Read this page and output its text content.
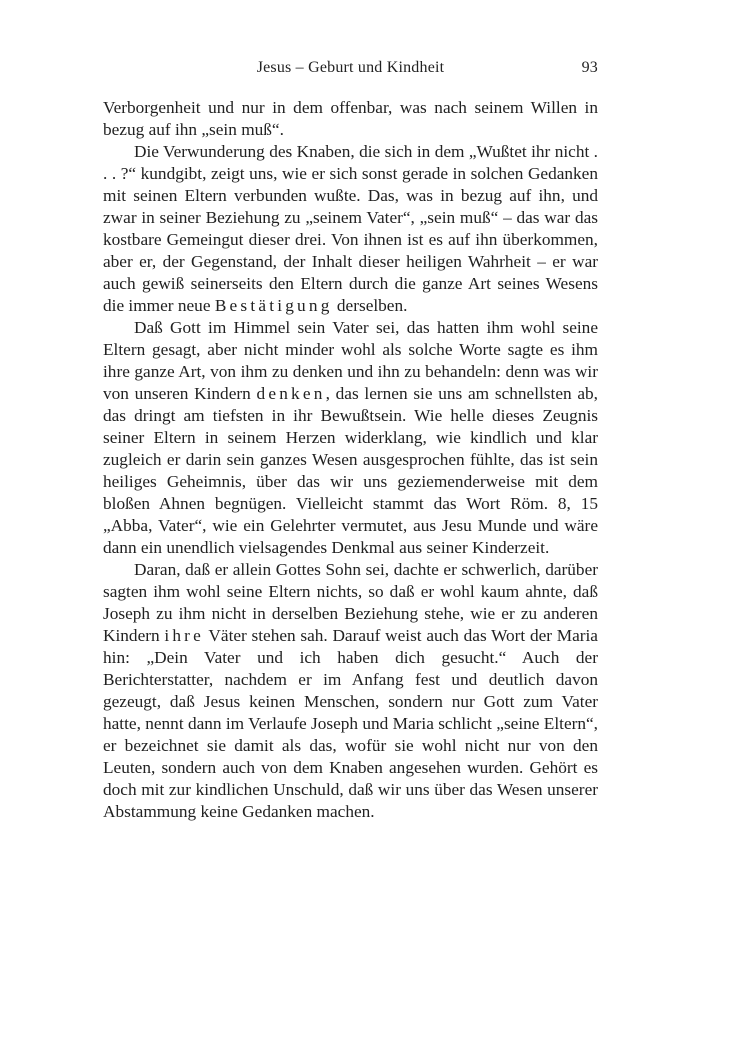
Jesus – Geburt und Kindheit	93

Verborgenheit und nur in dem offenbar, was nach seinem Willen in bezug auf ihn „sein muß“.

Die Verwunderung des Knaben, die sich in dem „Wußtet ihr nicht . . . ?“ kundgibt, zeigt uns, wie er sich sonst gerade in solchen Gedanken mit seinen Eltern verbunden wußte. Das, was in bezug auf ihn, und zwar in seiner Beziehung zu „seinem Vater“, „sein muß“ – das war das kostbare Gemeingut dieser drei. Von ihnen ist es auf ihn überkommen, aber er, der Gegenstand, der Inhalt dieser heiligen Wahrheit – er war auch gewiß seinerseits den Eltern durch die ganze Art seines Wesens die immer neue Bestätigung derselben.

Daß Gott im Himmel sein Vater sei, das hatten ihm wohl seine Eltern gesagt, aber nicht minder wohl als solche Worte sagte es ihm ihre ganze Art, von ihm zu denken und ihn zu behandeln: denn was wir von unseren Kindern denken, das lernen sie uns am schnellsten ab, das dringt am tiefsten in ihr Bewußtsein. Wie helle dieses Zeugnis seiner Eltern in seinem Herzen widerklang, wie kindlich und klar zugleich er darin sein ganzes Wesen ausgesprochen fühlte, das ist sein heiliges Geheimnis, über das wir uns geziemenderweise mit dem bloßen Ahnen begnügen. Vielleicht stammt das Wort Röm. 8, 15 „Abba, Vater“, wie ein Gelehrter vermutet, aus Jesu Munde und wäre dann ein unendlich vielsagendes Denkmal aus seiner Kinderzeit.

Daran, daß er allein Gottes Sohn sei, dachte er schwerlich, darüber sagten ihm wohl seine Eltern nichts, so daß er wohl kaum ahnte, daß Joseph zu ihm nicht in derselben Beziehung stehe, wie er zu anderen Kindern ihre Väter stehen sah. Darauf weist auch das Wort der Maria hin: „Dein Vater und ich haben dich gesucht.“ Auch der Berichterstatter, nachdem er im Anfang fest und deutlich davon gezeugt, daß Jesus keinen Menschen, sondern nur Gott zum Vater hatte, nennt dann im Verlaufe Joseph und Maria schlicht „seine Eltern“, er bezeichnet sie damit als das, wofür sie wohl nicht nur von den Leuten, sondern auch von dem Knaben angesehen wurden. Gehört es doch mit zur kindlichen Unschuld, daß wir uns über das Wesen unserer Abstammung keine Gedanken machen.
